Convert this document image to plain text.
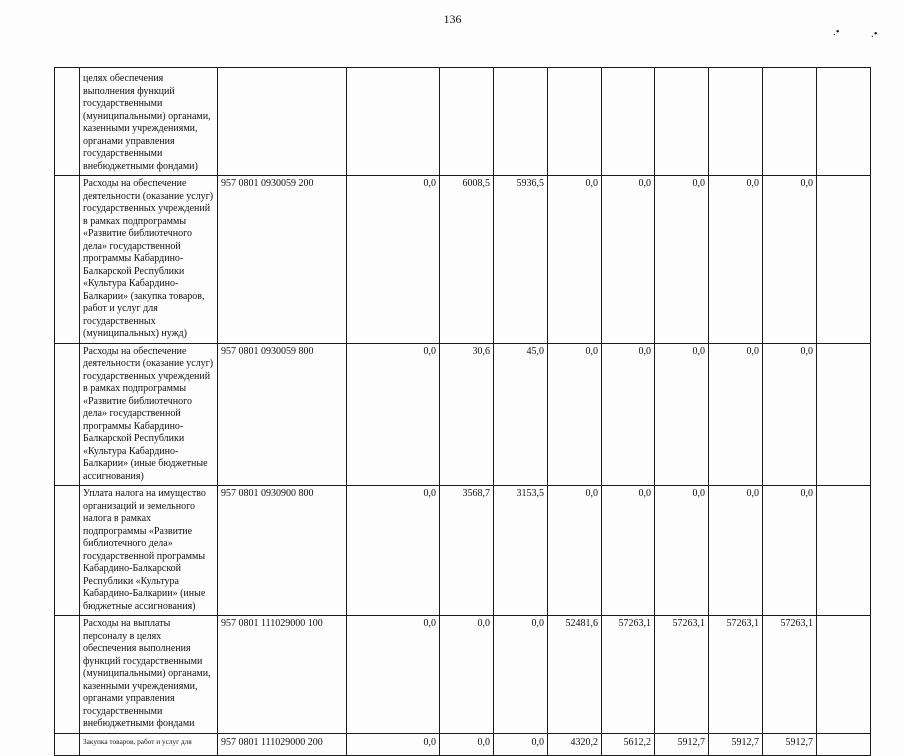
136
.•	.•
	целях обеспечения выполнения функций государственными (муниципальными) органами, казенными учреждениями, органами управления государственными внебюджетными фондами)										
	Расходы на обеспечение деятельности (оказание услуг) государственных учреждений в рамках подпрограммы «Развитие библиотечного дела» государственной программы Кабардино-Балкарской Республики «Культура Кабардино-Балкарии» (закупка товаров, работ и услуг для государственных (муниципальных) нужд)	957 0801 0930059 200	0,0	6008,5	5936,5	0,0	0,0	0,0	0,0	0,0	
	Расходы на обеспечение деятельности (оказание услуг) государственных учреждений в рамках подпрограммы «Развитие библиотечного дела» государственной программы Кабардино-Балкарской Республики «Культура Кабардино-Балкарии» (иные бюджетные ассигнования)	957 0801 0930059 800	0,0	30,6	45,0	0,0	0,0	0,0	0,0	0,0	
	Уплата налога на имущество организаций и земельного налога в рамках подпрограммы «Развитие библиотечного дела» государственной программы Кабардино-Балкарской Республики «Культура Кабардино-Балкарии» (иные бюджетные ассигнования)	957 0801 0930900 800	0,0	3568,7	3153,5	0,0	0,0	0,0	0,0	0,0	
	Расходы на выплаты персоналу в целях обеспечения выполнения функций государственными (муниципальными) органами, казенными учреждениями, органами управления государственными внебюджетными фондами	957 0801 111029000 100	0,0	0,0	0,0	52481,6	57263,1	57263,1	57263,1	57263,1	
	Закупка товаров, работ и услуг для	957 0801 111029000 200	0,0	0,0	0,0	4320,2	5612,2	5912,7	5912,7	5912,7	
